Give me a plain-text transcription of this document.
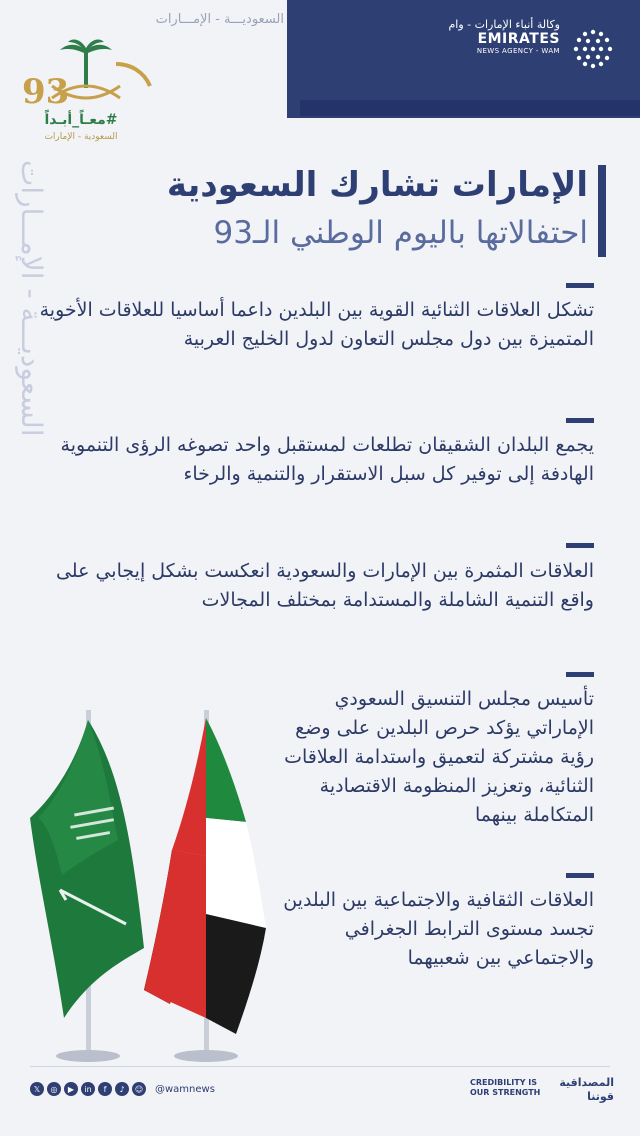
السعوديـــة - الإمـــارات	وكالة أنباء الإمارات - وام
EMIRATES
NEWS AGENCY - WAM
93
#معـاً_أبـداً
السعودية - الإمارات
الإمارات تشارك السعودية
احتفالاتها باليوم الوطني الـ93
السعوديـــة - الإمـــارات
تشكل العلاقات الثنائية القوية بين البلدين داعما أساسيا للعلاقات الأخوية المتميزة بين دول مجلس التعاون لدول الخليج العربية
يجمع البلدان الشقيقان تطلعات لمستقبل واحد تصوغه الرؤى التنموية الهادفة إلى توفير كل سبل الاستقرار والتنمية والرخاء
العلاقات المثمرة بين الإمارات والسعودية انعكست بشكل إيجابي على واقع التنمية الشاملة والمستدامة بمختلف المجالات
تأسيس مجلس التنسيق السعودي الإماراتي يؤكد حرص البلدين على وضع رؤية مشتركة لتعميق واستدامة العلاقات الثنائية، وتعزيز المنظومة الاقتصادية المتكاملة بينهما
العلاقات الثقافية والاجتماعية بين البلدين تجسد مستوى الترابط الجغرافي والاجتماعي بين شعبيهما
𝕏	◎	▶	in	f	♪	☺ @wamnews
CREDIBILITY IS
OUR STRENGTH
المصداقية
قوتنا
